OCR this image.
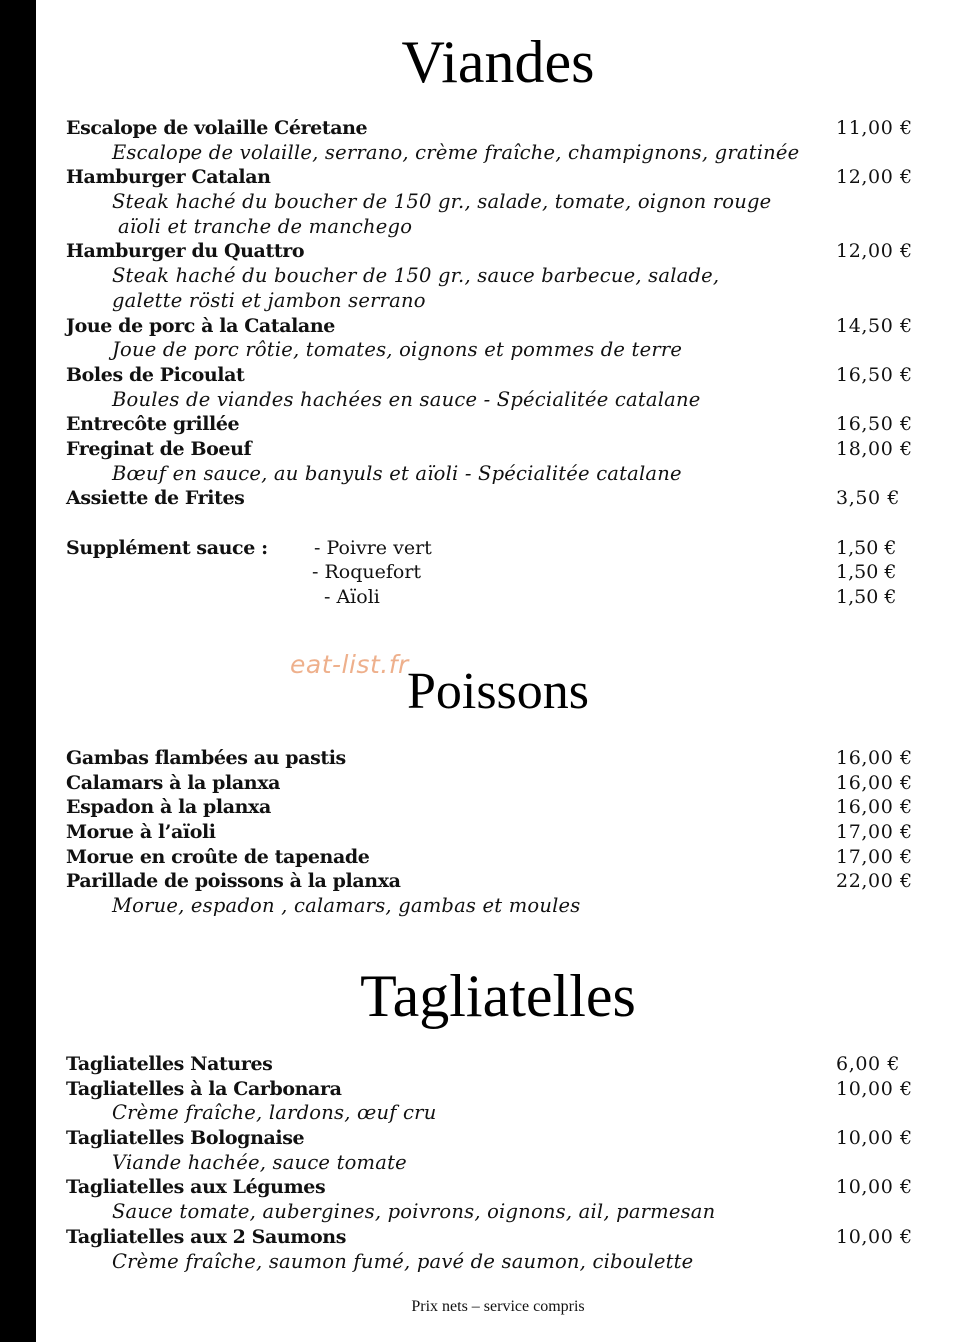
Viandes
Escalope de volaille Céretane	11,00 €
Escalope de volaille, serrano, crème fraîche, champignons, gratinée
Hamburger Catalan	12,00 €
Steak haché du boucher de 150 gr., salade, tomate, oignon rouge
aïoli et tranche de manchego
Hamburger du Quattro	12,00 €
Steak haché du boucher de 150 gr., sauce barbecue, salade,
galette rösti et jambon serrano
Joue de porc à la Catalane	14,50 €
Joue de porc rôtie, tomates, oignons et pommes de terre
Boles de Picoulat	16,50 €
Boules de viandes hachées en sauce - Spécialitée catalane
Entrecôte grillée	16,50 €
Freginat de Boeuf	18,00 €
Bœuf en sauce, au banyuls et aïoli - Spécialitée catalane
Assiette de Frites	3,50 €
Supplément sauce : - Poivre vert	1,50 €
- Roquefort	1,50 €
- Aïoli	1,50 €
eat-list.fr
Poissons
Gambas flambées au pastis	16,00 €
Calamars à la planxa	16,00 €
Espadon à la planxa	16,00 €
Morue à l’aïoli	17,00 €
Morue en croûte de tapenade	17,00 €
Parillade de poissons à la planxa	22,00 €
Morue, espadon , calamars, gambas et moules
Tagliatelles
Tagliatelles Natures	6,00 €
Tagliatelles à la Carbonara	10,00 €
Crème fraîche, lardons, œuf cru
Tagliatelles Bolognaise	10,00 €
Viande hachée, sauce tomate
Tagliatelles aux Légumes	10,00 €
Sauce tomate, aubergines, poivrons, oignons, ail, parmesan
Tagliatelles aux 2 Saumons	10,00 €
Crème fraîche, saumon fumé, pavé de saumon, ciboulette
Prix nets – service compris
